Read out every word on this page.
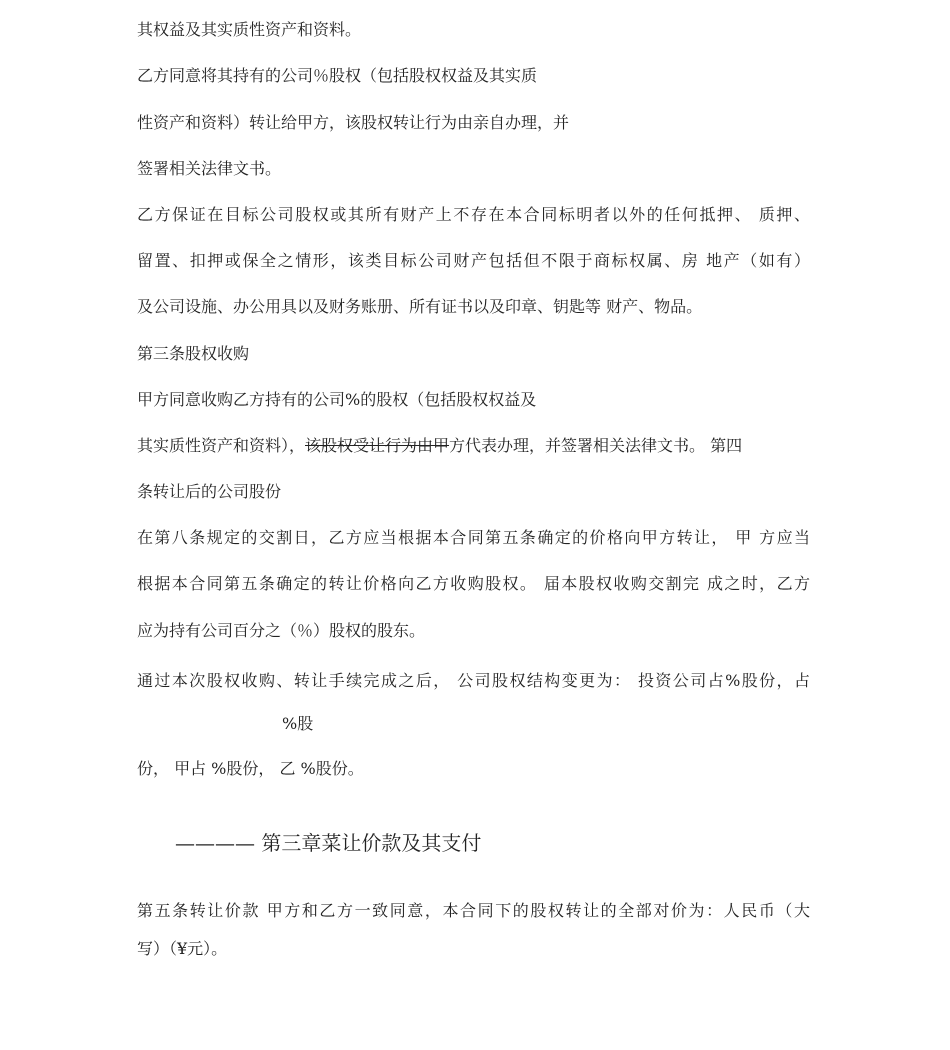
其权益及其实质性资产和资料。
乙方同意将其持有的公司％股权（包括股权权益及其实质
性资产和资料）转让给甲方，该股权转让行为由亲自办理，并
签署相关法律文书。
乙方保证在目标公司股权或其所有财产上不存在本合同标明者以外的任何抵押、 质押、
留置、扣押或保全之情形，该类目标公司财产包括但不限于商标权属、房 地产（如有）
及公司设施、办公用具以及财务账册、所有证书以及印章、钥匙等 财产、物品。
第三条股权收购
甲方同意收购乙方持有的公司%的股权（包括股权权益及
其实质性资产和资料），该股权受让行为由甲方代表办理，并签署相关法律文书。 第四
条转让后的公司股份
在第八条规定的交割日，乙方应当根据本合同第五条确定的价格向甲方转让， 甲 方应当
根据本合同第五条确定的转让价格向乙方收购股权。 届本股权收购交割完 成之时，乙方
应为持有公司百分之（％）股权的股东。
通过本次股权收购、转让手续完成之后， 公司股权结构变更为： 投资公司占%股份，占
%股
份， 甲占 %股份， 乙 %股份。
———— 第三章菜让价款及其支付
第五条转让价款 甲方和乙方一致同意，本合同下的股权转让的全部对价为：人民币（大
写）（¥元）。
